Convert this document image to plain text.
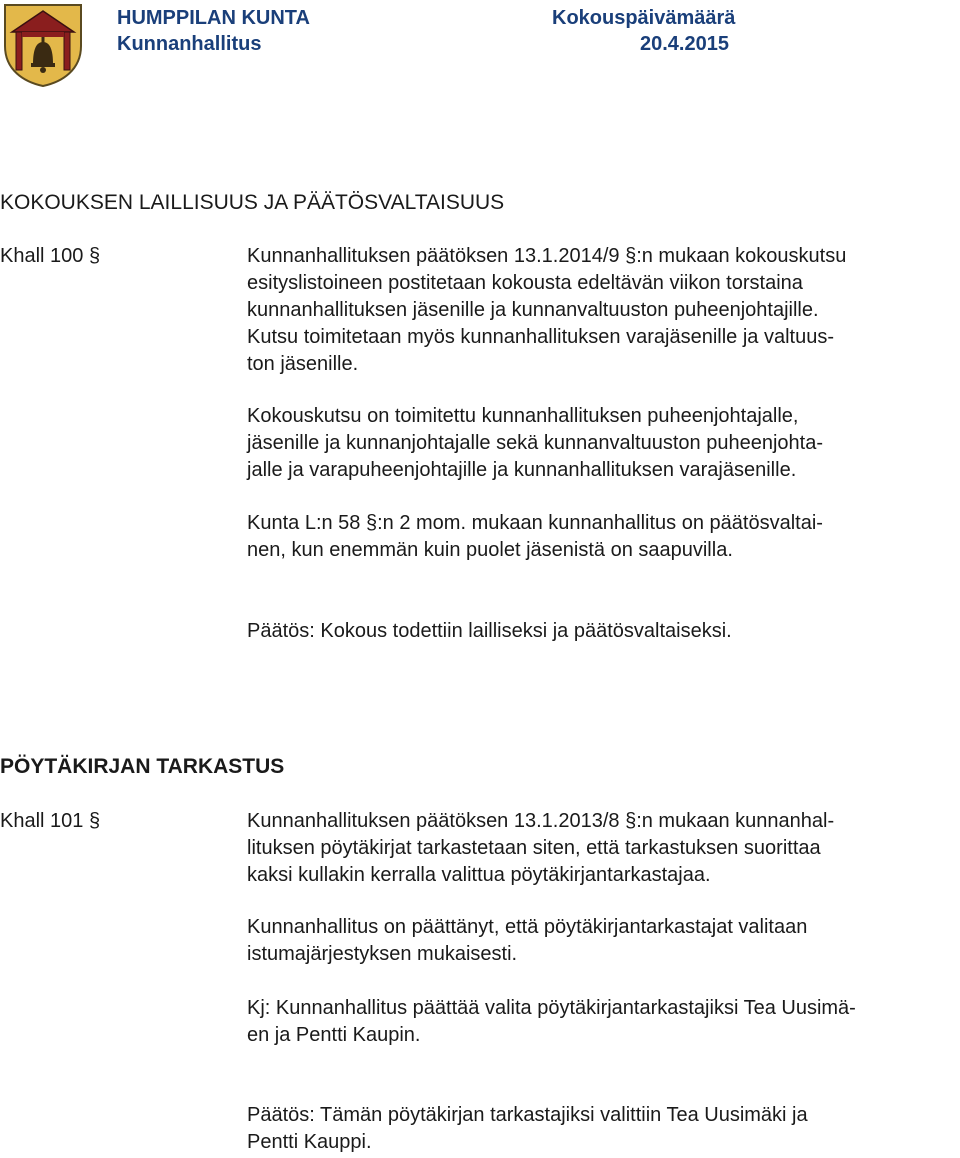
HUMPPILAN KUNTA
Kunnanhallitus
Kokouspäivämäärä
20.4.2015
KOKOUKSEN LAILLISUUS JA PÄÄTÖSVALTAISUUS
Khall 100 §	Kunnanhallituksen päätöksen 13.1.2014/9 §:n mukaan kokouskutsu
esityslistoineen postitetaan kokousta edeltävän viikon torstaina
kunnanhallituksen jäsenille ja kunnanvaltuuston puheenjohtajille.
Kutsu toimitetaan myös kunnanhallituksen varajäsenille ja valtuus-
ton jäsenille.

Kokouskutsu on toimitettu kunnanhallituksen puheenjohtajalle,
jäsenille ja kunnanjohtajalle sekä kunnanvaltuuston puheenjohta-
jalle ja varapuheenjohtajille ja kunnanhallituksen varajäsenille.

Kunta L:n 58 §:n 2 mom. mukaan kunnanhallitus on päätösvaltai-
nen, kun enemmän kuin puolet jäsenistä on saapuvilla.

Päätös: Kokous todettiin lailliseksi ja päätösvaltaiseksi.

PÖYTÄKIRJAN TARKASTUS
Khall 101 §	Kunnanhallituksen päätöksen 13.1.2013/8 §:n mukaan kunnanhal-
lituksen pöytäkirjat tarkastetaan siten, että tarkastuksen suorittaa
kaksi kullakin kerralla valittua pöytäkirjantarkastajaa.

Kunnanhallitus on päättänyt, että pöytäkirjantarkastajat valitaan
istumajärjestyksen mukaisesti.

Kj: Kunnanhallitus päättää valita pöytäkirjantarkastajiksi Tea Uusimä-
en ja Pentti Kaupin.

Päätös: Tämän pöytäkirjan tarkastajiksi valittiin Tea Uusimäki ja
Pentti Kauppi.
